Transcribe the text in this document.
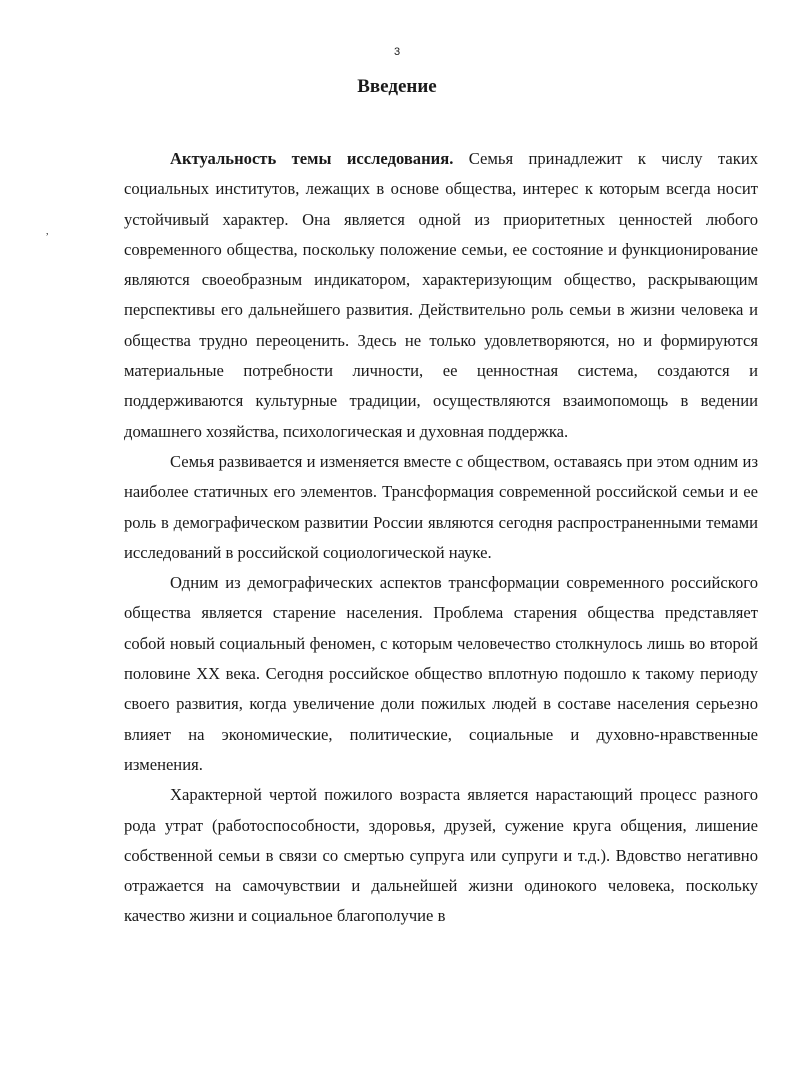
3
Введение
,

Актуальность темы исследования. Семья принадлежит к числу таких социальных институтов, лежащих в основе общества, интерес к которым всегда носит устойчивый характер. Она является одной из приоритетных ценностей любого современного общества, поскольку положение семьи, ее состояние и функционирование являются своеобразным индикатором, характеризующим общество, раскрывающим перспективы его дальнейшего развития. Действительно роль семьи в жизни человека и общества трудно переоценить. Здесь не только удовлетворяются, но и формируются материальные потребности личности, ее ценностная система, создаются и поддерживаются культурные традиции, осуществляются взаимопомощь в ведении домашнего хозяйства, психологическая и духовная поддержка.

Семья развивается и изменяется вместе с обществом, оставаясь при этом одним из наиболее статичных его элементов. Трансформация современной российской семьи и ее роль в демографическом развитии России являются сегодня распространенными темами исследований в российской социологической науке.

Одним из демографических аспектов трансформации современного российского общества является старение населения. Проблема старения общества представляет собой новый социальный феномен, с которым человечество столкнулось лишь во второй половине XX века. Сегодня российское общество вплотную подошло к такому периоду своего развития, когда увеличение доли пожилых людей в составе населения серьезно влияет на экономические, политические, социальные и духовно-нравственные изменения.

Характерной чертой пожилого возраста является нарастающий процесс разного рода утрат (работоспособности, здоровья, друзей, сужение круга общения, лишение собственной семьи в связи со смертью супруга или супруги и т.д.). Вдовство негативно отражается на самочувствии и дальнейшей жизни одинокого человека, поскольку качество жизни и социальное благополучие в
